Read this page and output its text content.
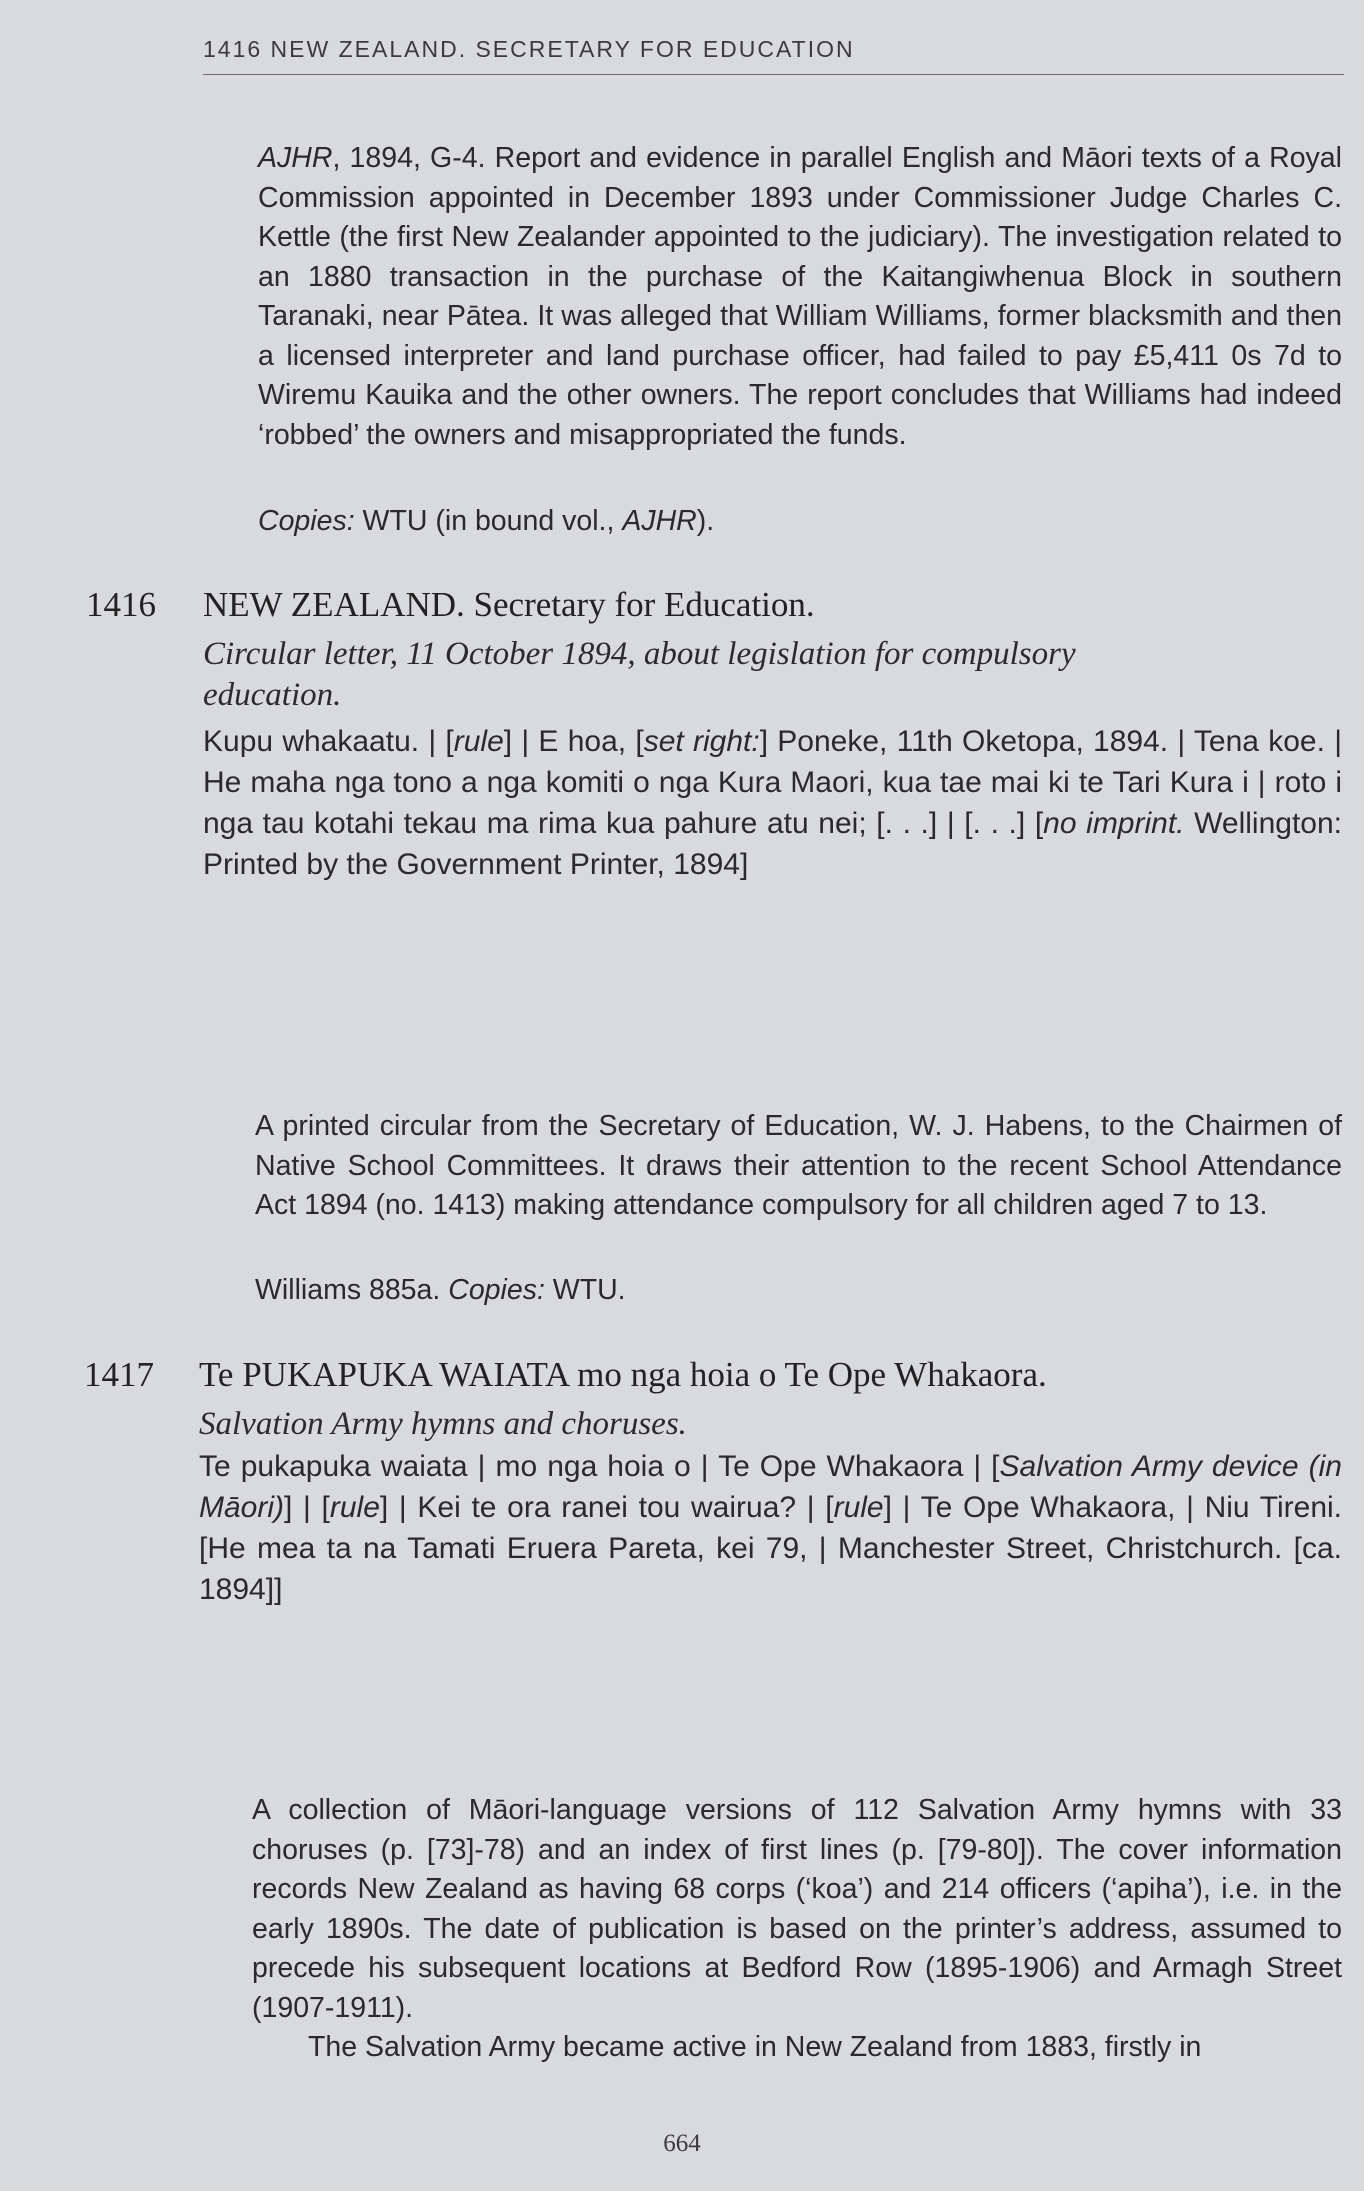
1416 NEW ZEALAND. SECRETARY FOR EDUCATION

AJHR, 1894, G-4. Report and evidence in parallel English and Māori texts of a Royal Commission appointed in December 1893 under Commissioner Judge Charles C. Kettle (the first New Zealander appointed to the judiciary). The investigation related to an 1880 transaction in the purchase of the Kaitangiwhenua Block in southern Taranaki, near Pātea. It was alleged that William Williams, former blacksmith and then a licensed interpreter and land purchase officer, had failed to pay £5,411 0s 7d to Wiremu Kauika and the other owners. The report concludes that Williams had indeed ‘robbed’ the owners and misappropriated the funds.

Copies: WTU (in bound vol., AJHR).

1416 NEW ZEALAND. Secretary for Education.
Circular letter, 11 October 1894, about legislation for compulsory education.

Kupu whakaatu. | [rule] | E hoa, [set right:] Poneke, 11th Oketopa, 1894. | Tena koe. | He maha nga tono a nga komiti o nga Kura Maori, kua tae mai ki te Tari Kura i | roto i nga tau kotahi tekau ma rima kua pahure atu nei; [. . .] | [. . .] [no imprint. Wellington: Printed by the Government Printer, 1894]

A printed circular from the Secretary of Education, W. J. Habens, to the Chairmen of Native School Committees. It draws their attention to the recent School Attendance Act 1894 (no. 1413) making attendance compulsory for all children aged 7 to 13.

Williams 885a. Copies: WTU.

1417 Te PUKAPUKA WAIATA mo nga hoia o Te Ope Whakaora.
Salvation Army hymns and choruses.

Te pukapuka waiata | mo nga hoia o | Te Ope Whakaora | [Salvation Army device (in Māori)] | [rule] | Kei te ora ranei tou wairua? | [rule] | Te Ope Whakaora, | Niu Tireni. [He mea ta na Tamati Eruera Pareta, kei 79, | Manchester Street, Christchurch. [ca. 1894]]

A collection of Māori-language versions of 112 Salvation Army hymns with 33 choruses (p. [73]-78) and an index of first lines (p. [79-80]). The cover information records New Zealand as having 68 corps (‘koa’) and 214 officers (‘apiha’), i.e. in the early 1890s. The date of publication is based on the printer’s address, assumed to precede his subsequent locations at Bedford Row (1895-1906) and Armagh Street (1907-1911).

The Salvation Army became active in New Zealand from 1883, firstly in

664
